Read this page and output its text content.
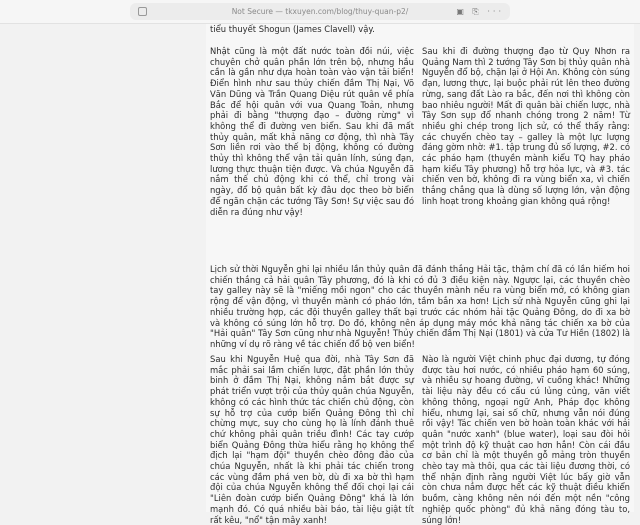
Not Secure — tkxuyen.com/blog/thuy-quan-p2/	▣ ⎘ ···
tiểu thuyết Shogun (James Clavell) vậy.

Nhật cũng là một đất nước toàn đồi núi, việc chuyên chở quân phần lớn trên bộ, nhưng hầu cần là gần như dựa hoàn toàn vào vận tải biển! Điển hình như sau thủy chiến đầm Thị Nại, Võ Văn Dũng và Trần Quang Diệu rút quân về phía Bắc để hội quân với vua Quang Toản, nhưng phải đi bằng "thượng đạo – đường rừng" vì không thể đi đường ven biển. Sau khi đã mất thủy quân, mất khả năng cơ động, thì nhà Tây Sơn liền rơi vào thế bị động, không có đường thủy thì không thể vận tải quân lính, súng đạn, lương thực thuận tiện được. Và chúa Nguyễn đã nắm thế chủ động khi có thể, chỉ trong vài ngày, đổ bộ quân bất kỳ đâu dọc theo bờ biển để ngăn chặn các tướng Tây Sơn! Sự việc sau đó diễn ra đúng như vậy!

Sau khi đi đường thượng đạo từ Quy Nhơn ra Quảng Nam thì 2 tướng Tây Sơn bị thủy quân nhà Nguyễn đổ bộ, chặn lại ở Hội An. Không còn súng đạn, lương thực, lại buộc phải rút lên theo đường rừng, sang đất Lào ra bắc, đến nơi thì không còn bao nhiêu người! Mất đi quân bài chiến lược, nhà Tây Sơn sụp đổ nhanh chóng trong 2 năm! Từ nhiều ghi chép trong lịch sử, có thể thấy rằng: các chuyến chèo tay – galley là một lực lượng đáng gờm nhờ: #1. tập trung đủ số lượng, #2. có các pháo hạm (thuyền mành kiểu TQ hay pháo hạm kiểu Tây phương) hỗ trợ hỏa lực, và #3. tác chiến ven bờ, không đi ra vùng biển xa, vì chiến thắng chẳng qua là dùng số lượng lớn, vận động linh hoạt trong khoảng gian không quá rộng!

Lịch sử thời Nguyễn ghi lại nhiều lần thủy quân đã đánh thắng Hải tặc, thậm chí đã có lần hiếm hoi chiến thắng cả hải quân Tây phương, đó là khi có đủ 3 điều kiện này. Ngược lại, các thuyền chèo tay galley này sẽ là "miếng mồi ngon" cho các thuyền mành nếu ra vùng biển mở, có không gian rộng để vận động, vì thuyền mành có pháo lớn, tầm bắn xa hơn! Lịch sử nhà Nguyễn cũng ghi lại nhiều trường hợp, các đội thuyền galley thất bại trước các nhóm hải tặc Quảng Đông, do đi xa bờ và không có súng lớn hỗ trợ. Do đó, không nên áp dụng máy móc khả năng tác chiến xa bờ của "Hải quân" Tây Sơn cũng như nhà Nguyễn! Thủy chiến đầm Thị Nại (1801) và cửa Tư Hiền (1802) là những ví dụ rõ ràng về tác chiến đổ bộ ven biển!

Sau khi Nguyễn Huệ qua đời, nhà Tây Sơn đã mắc phải sai lầm chiến lược, đặt phần lớn thủy binh ở đầm Thị Nại, không nắm bắt được sự phát triển vượt trội của thủy quân chúa Nguyễn, không có các hình thức tác chiến chủ động, còn sự hỗ trợ của cướp biển Quảng Đông thì chỉ chừng mực, suy cho cùng họ là lính đánh thuê chứ không phải quân triều đình! Các tay cướp biển Quảng Đông thừa hiểu rằng họ không thể địch lại "hạm đội" thuyền chèo đông đảo của chúa Nguyễn, nhất là khi phải tác chiến trong các vùng đầm phá ven bờ, dù đi xa bờ thì hạm đội của chúa Nguyễn không thể đối chọi lại cái "Liên đoàn cướp biển Quảng Đông" khá là lớn mạnh đó. Có quá nhiều bài báo, tài liệu giật tít rất kêu, "nổ" tận mây xanh!

Nào là người Việt chinh phục đại dương, tự đóng được tàu hơi nước, có nhiều pháo hạm 60 súng, và nhiều sự hoang đường, vĩ cuồng khác! Những tài liệu này đều có cấu cú lủng củng, văn viết không thông, ngoại ngữ Anh, Pháp đọc không hiểu, nhưng lại, sai số chữ, nhưng vẫn nói đúng rồi vậy! Tác chiến ven bờ hoàn toàn khác với hải quân "nước xanh" (blue water), loại sau đòi hỏi một trình độ kỹ thuật cao hơn hẳn! Còn cái đầu cơ bản chỉ là một thuyền gỗ mảng tròn thuyền chèo tay mà thôi, qua các tài liệu đương thời, có thể nhận định rằng người Việt lúc bấy giờ vẫn còn chưa nắm được hết các kỹ thuật điều khiển buồm, càng không nên nói đến một nền "công nghiệp quốc phòng" đủ khả năng đóng tàu to, súng lớn!
